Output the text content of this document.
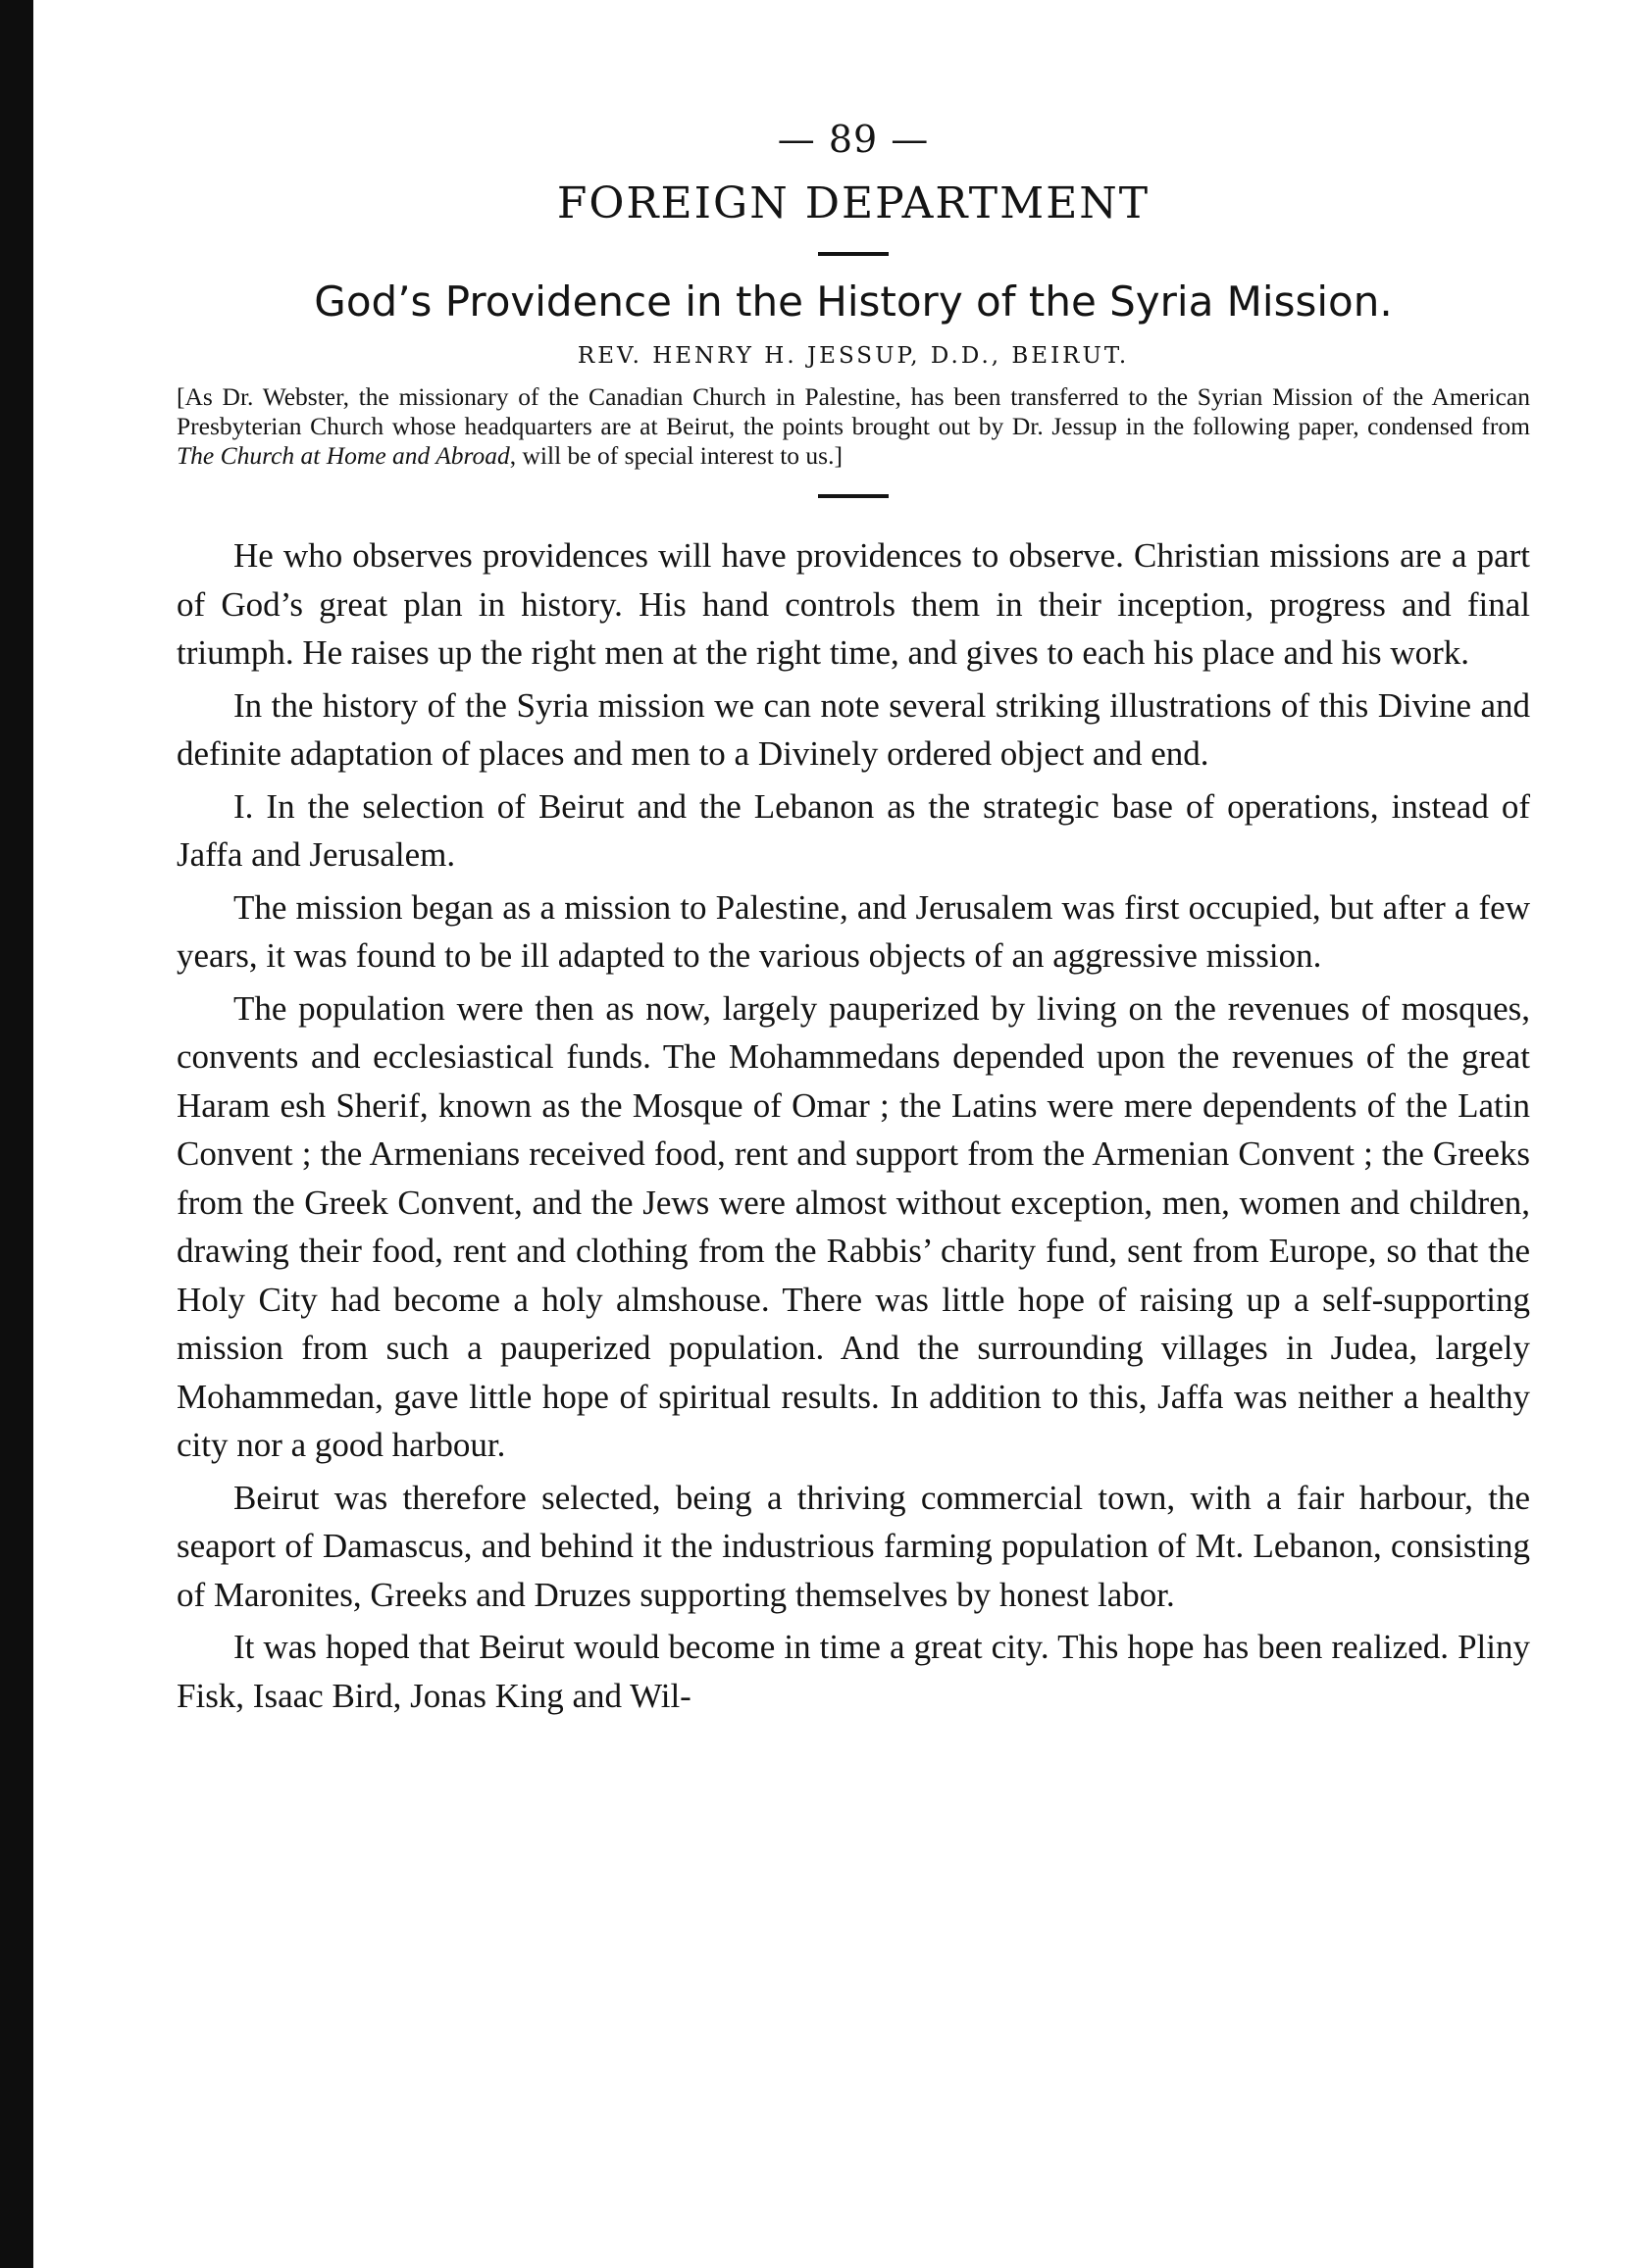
— 89 —
FOREIGN DEPARTMENT
God’s Providence in the History of the Syria Mission.
REV. HENRY H. JESSUP, D.D., BEIRUT.

[As Dr. Webster, the missionary of the Canadian Church in Palestine, has been transferred to the Syrian Mission of the American Presbyterian Church whose headquarters are at Beirut, the points brought out by Dr. Jessup in the following paper, condensed from The Church at Home and Abroad, will be of special interest to us.]

He who observes providences will have providences to observe. Christian missions are a part of God’s great plan in history. His hand controls them in their inception, progress and final triumph. He raises up the right men at the right time, and gives to each his place and his work.

In the history of the Syria mission we can note several striking illustrations of this Divine and definite adaptation of places and men to a Divinely ordered object and end.

I. In the selection of Beirut and the Lebanon as the strategic base of operations, instead of Jaffa and Jerusalem.

The mission began as a mission to Palestine, and Jerusalem was first occupied, but after a few years, it was found to be ill adapted to the various objects of an aggressive mission.

The population were then as now, largely pauperized by living on the revenues of mosques, convents and ecclesiastical funds. The Mohammedans depended upon the revenues of the great Haram esh Sherif, known as the Mosque of Omar ; the Latins were mere dependents of the Latin Convent ; the Armenians received food, rent and support from the Armenian Convent ; the Greeks from the Greek Convent, and the Jews were almost without exception, men, women and children, drawing their food, rent and clothing from the Rabbis’ charity fund, sent from Europe, so that the Holy City had become a holy almshouse. There was little hope of raising up a self-supporting mission from such a pauperized population. And the surrounding villages in Judea, largely Mohammedan, gave little hope of spiritual results. In addition to this, Jaffa was neither a healthy city nor a good harbour.

Beirut was therefore selected, being a thriving commercial town, with a fair harbour, the seaport of Damascus, and behind it the industrious farming population of Mt. Lebanon, consisting of Maronites, Greeks and Druzes supporting themselves by honest labor.

It was hoped that Beirut would become in time a great city. This hope has been realized. Pliny Fisk, Isaac Bird, Jonas King and Wil-
